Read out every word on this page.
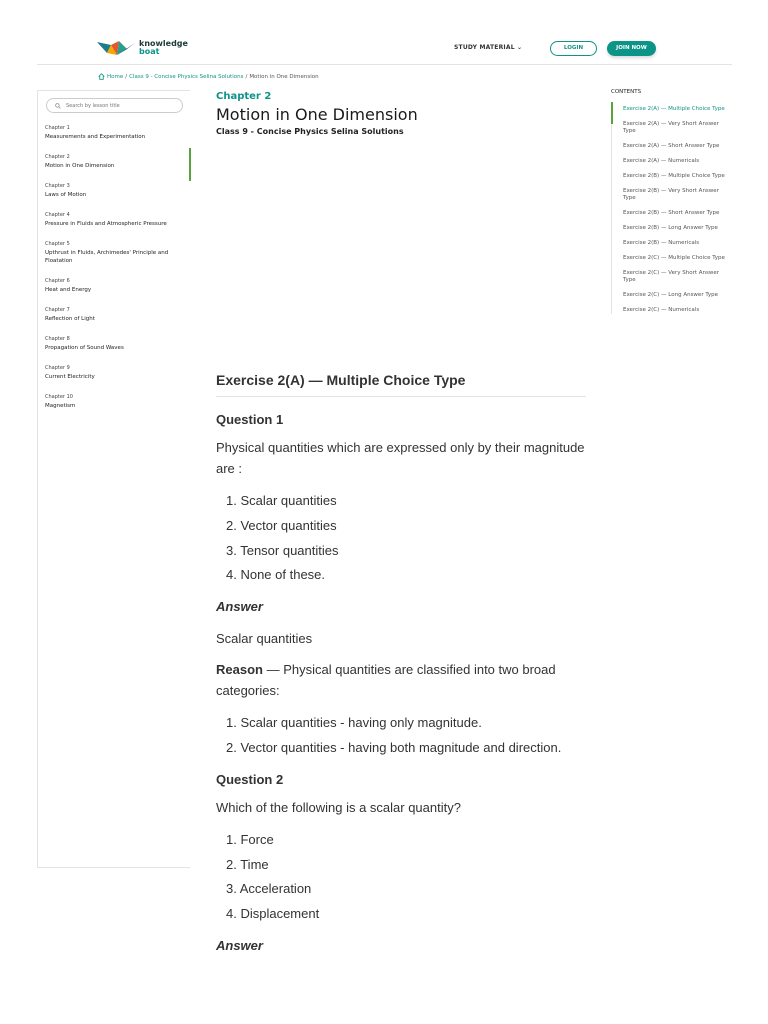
knowledge
boat	STUDY MATERIAL ⌄	LOGIN	JOIN NOW
Home / Class 9 - Concise Physics Selina Solutions / Motion in One Dimension
Search by lesson title
Chapter 1
Measurements and Experimentation
Chapter 2
Motion in One Dimension
Chapter 3
Laws of Motion
Chapter 4
Pressure in Fluids and Atmospheric Pressure
Chapter 5
Upthrust in Fluids, Archimedes' Principle and Floatation
Chapter 6
Heat and Energy
Chapter 7
Reflection of Light
Chapter 8
Propagation of Sound Waves
Chapter 9
Current Electricity
Chapter 10
Magnetism
Chapter 2
Motion in One Dimension
Class 9 - Concise Physics Selina Solutions
Exercise 2(A) — Multiple Choice Type
Question 1
Physical quantities which are expressed only by their magnitude are :
1. Scalar quantities
2. Vector quantities
3. Tensor quantities
4. None of these.
Answer
Scalar quantities
Reason — Physical quantities are classified into two broad categories:
1. Scalar quantities - having only magnitude.
2. Vector quantities - having both magnitude and direction.
Question 2
Which of the following is a scalar quantity?
1. Force
2. Time
3. Acceleration
4. Displacement
Answer
CONTENTS
Exercise 2(A) — Multiple Choice Type
Exercise 2(A) — Very Short Answer Type
Exercise 2(A) — Short Answer Type
Exercise 2(A) — Numericals
Exercise 2(B) — Multiple Choice Type
Exercise 2(B) — Very Short Answer Type
Exercise 2(B) — Short Answer Type
Exercise 2(B) — Long Answer Type
Exercise 2(B) — Numericals
Exercise 2(C) — Multiple Choice Type
Exercise 2(C) — Very Short Answer Type
Exercise 2(C) — Long Answer Type
Exercise 2(C) — Numericals
